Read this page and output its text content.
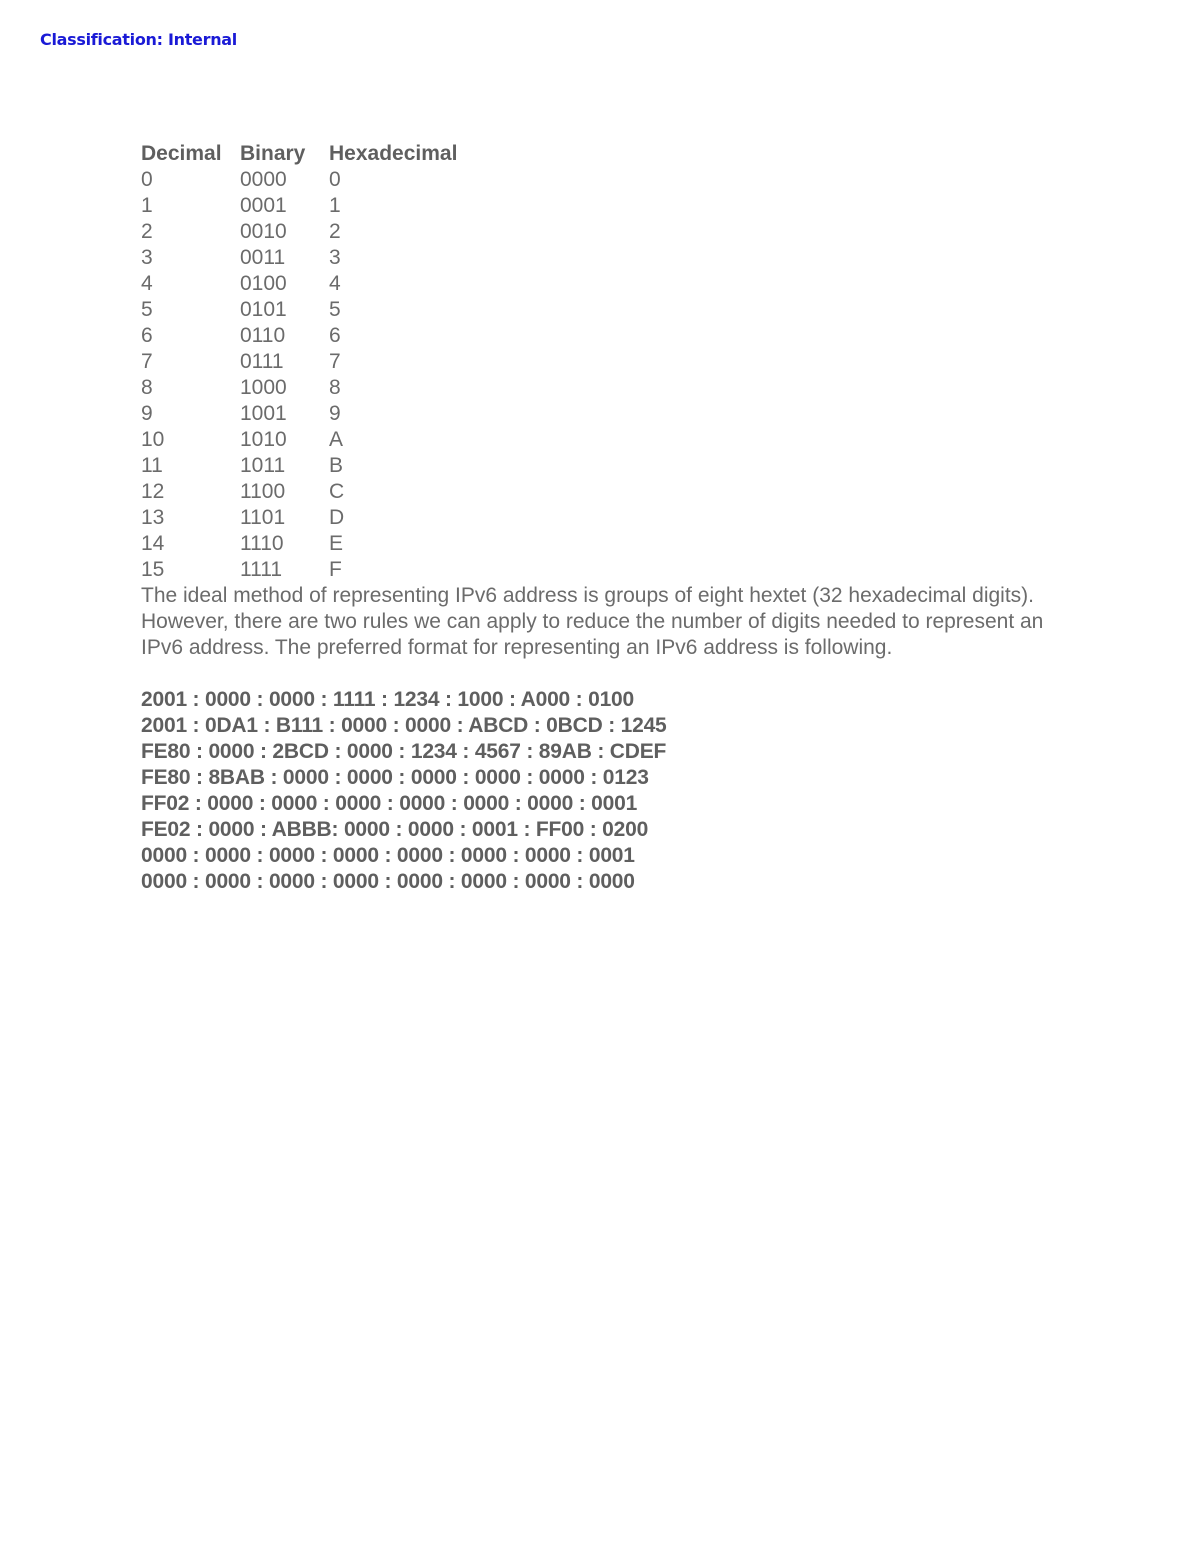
Classification: Internal
Decimal	Binary	Hexadecimal
0	0000	0
1	0001	1
2	0010	2
3	0011	3
4	0100	4
5	0101	5
6	0110	6
7	0111	7
8	1000	8
9	1001	9
10	1010	A
11	1011	B
12	1100	C
13	1101	D
14	1110	E
15	1111	F

The ideal method of representing IPv6 address is groups of eight hextet (32 hexadecimal digits). However, there are two rules we can apply to reduce the number of digits needed to represent an IPv6 address. The preferred format for representing an IPv6 address is following.

2001 : 0000 : 0000 : 1111 : 1234 : 1000 : A000 : 0100
2001 : 0DA1 : B111 : 0000 : 0000 : ABCD : 0BCD : 1245
FE80 : 0000 : 2BCD : 0000 : 1234 : 4567 : 89AB : CDEF
FE80 : 8BAB : 0000 : 0000 : 0000 : 0000 : 0000 : 0123
FF02 : 0000 : 0000 : 0000 : 0000 : 0000 : 0000 : 0001
FE02 : 0000 : ABBB: 0000 : 0000 : 0001 : FF00 : 0200
0000 : 0000 : 0000 : 0000 : 0000 : 0000 : 0000 : 0001
0000 : 0000 : 0000 : 0000 : 0000 : 0000 : 0000 : 0000
